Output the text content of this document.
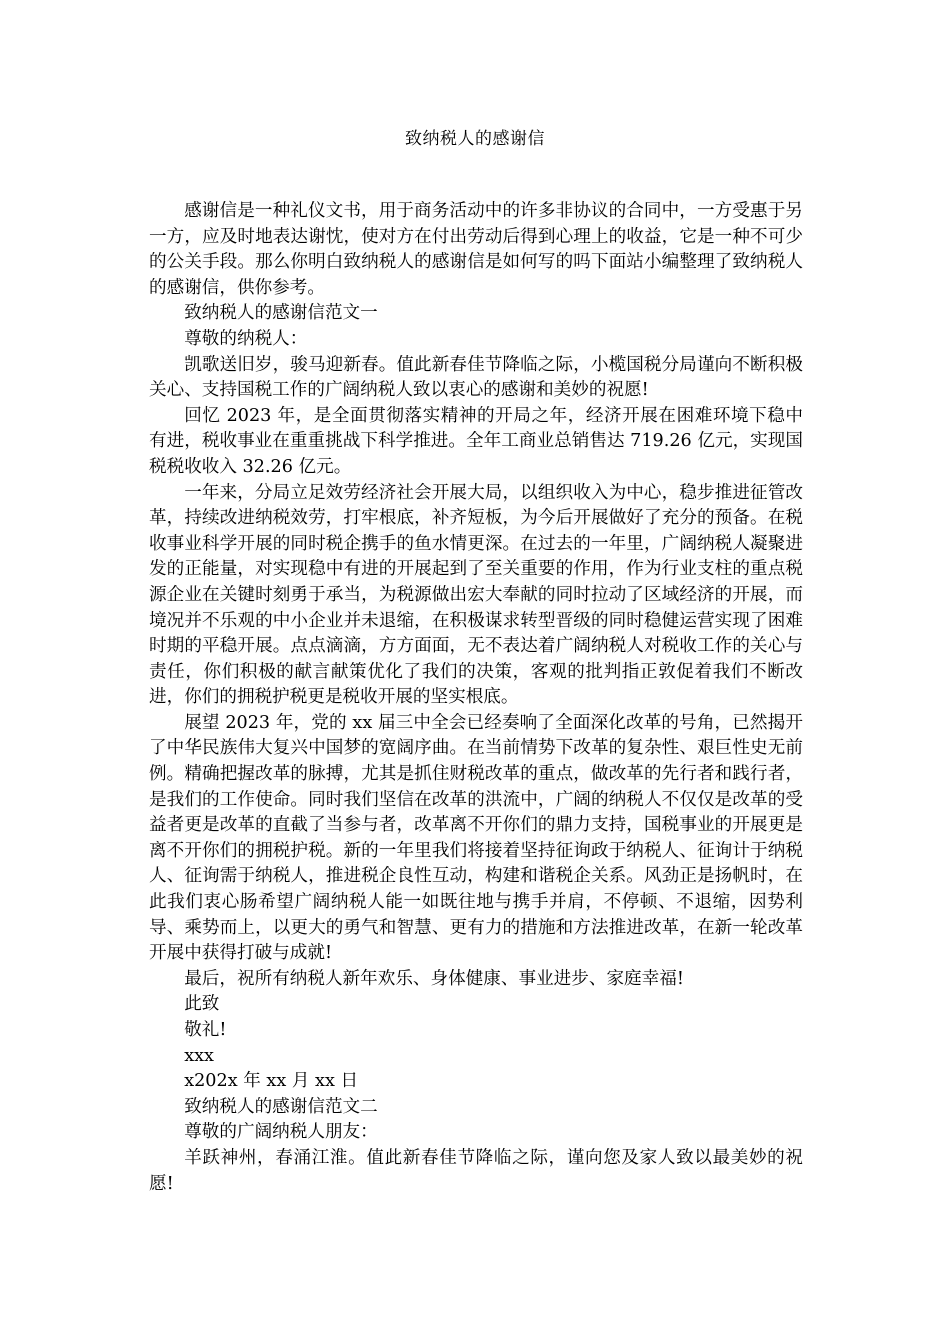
致纳税人的感谢信

感谢信是一种礼仪文书，用于商务活动中的许多非协议的合同中，一方受惠于另一方，应及时地表达谢忱，使对方在付出劳动后得到心理上的收益，它是一种不可少的公关手段。那么你明白致纳税人的感谢信是如何写的吗下面站小编整理了致纳税人的感谢信，供你参考。

致纳税人的感谢信范文一

尊敬的纳税人：

凯歌送旧岁，骏马迎新春。值此新春佳节降临之际，小榄国税分局谨向不断积极关心、支持国税工作的广阔纳税人致以衷心的感谢和美妙的祝愿!

回忆 2023 年，是全面贯彻落实精神的开局之年，经济开展在困难环境下稳中有进，税收事业在重重挑战下科学推进。全年工商业总销售达 719.26 亿元，实现国税税收收入 32.26 亿元。

一年来，分局立足效劳经济社会开展大局，以组织收入为中心，稳步推进征管改革，持续改进纳税效劳，打牢根底，补齐短板，为今后开展做好了充分的预备。在税收事业科学开展的同时税企携手的鱼水情更深。在过去的一年里，广阔纳税人凝聚进发的正能量，对实现稳中有进的开展起到了至关重要的作用，作为行业支柱的重点税源企业在关键时刻勇于承当，为税源做出宏大奉献的同时拉动了区域经济的开展，而境况并不乐观的中小企业并未退缩，在积极谋求转型晋级的同时稳健运营实现了困难时期的平稳开展。点点滴滴，方方面面，无不表达着广阔纳税人对税收工作的关心与责任，你们积极的献言献策优化了我们的决策，客观的批判指正敦促着我们不断改进，你们的拥税护税更是税收开展的坚实根底。

展望 2023 年，党的 xx 届三中全会已经奏响了全面深化改革的号角，已然揭开了中华民族伟大复兴中国梦的宽阔序曲。在当前情势下改革的复杂性、艰巨性史无前例。精确把握改革的脉搏，尤其是抓住财税改革的重点，做改革的先行者和践行者，是我们的工作使命。同时我们坚信在改革的洪流中，广阔的纳税人不仅仅是改革的受益者更是改革的直截了当参与者，改革离不开你们的鼎力支持，国税事业的开展更是离不开你们的拥税护税。新的一年里我们将接着坚持征询政于纳税人、征询计于纳税人、征询需于纳税人，推进税企良性互动，构建和谐税企关系。风劲正是扬帆时，在此我们衷心肠希望广阔纳税人能一如既往地与携手并肩，不停顿、不退缩，因势利导、乘势而上，以更大的勇气和智慧、更有力的措施和方法推进改革，在新一轮改革开展中获得打破与成就!

最后，祝所有纳税人新年欢乐、身体健康、事业进步、家庭幸福!

此致

敬礼!

xxx

x202x 年 xx 月 xx 日

致纳税人的感谢信范文二

尊敬的广阔纳税人朋友：

羊跃神州，春涌江淮。值此新春佳节降临之际，谨向您及家人致以最美妙的祝愿!
